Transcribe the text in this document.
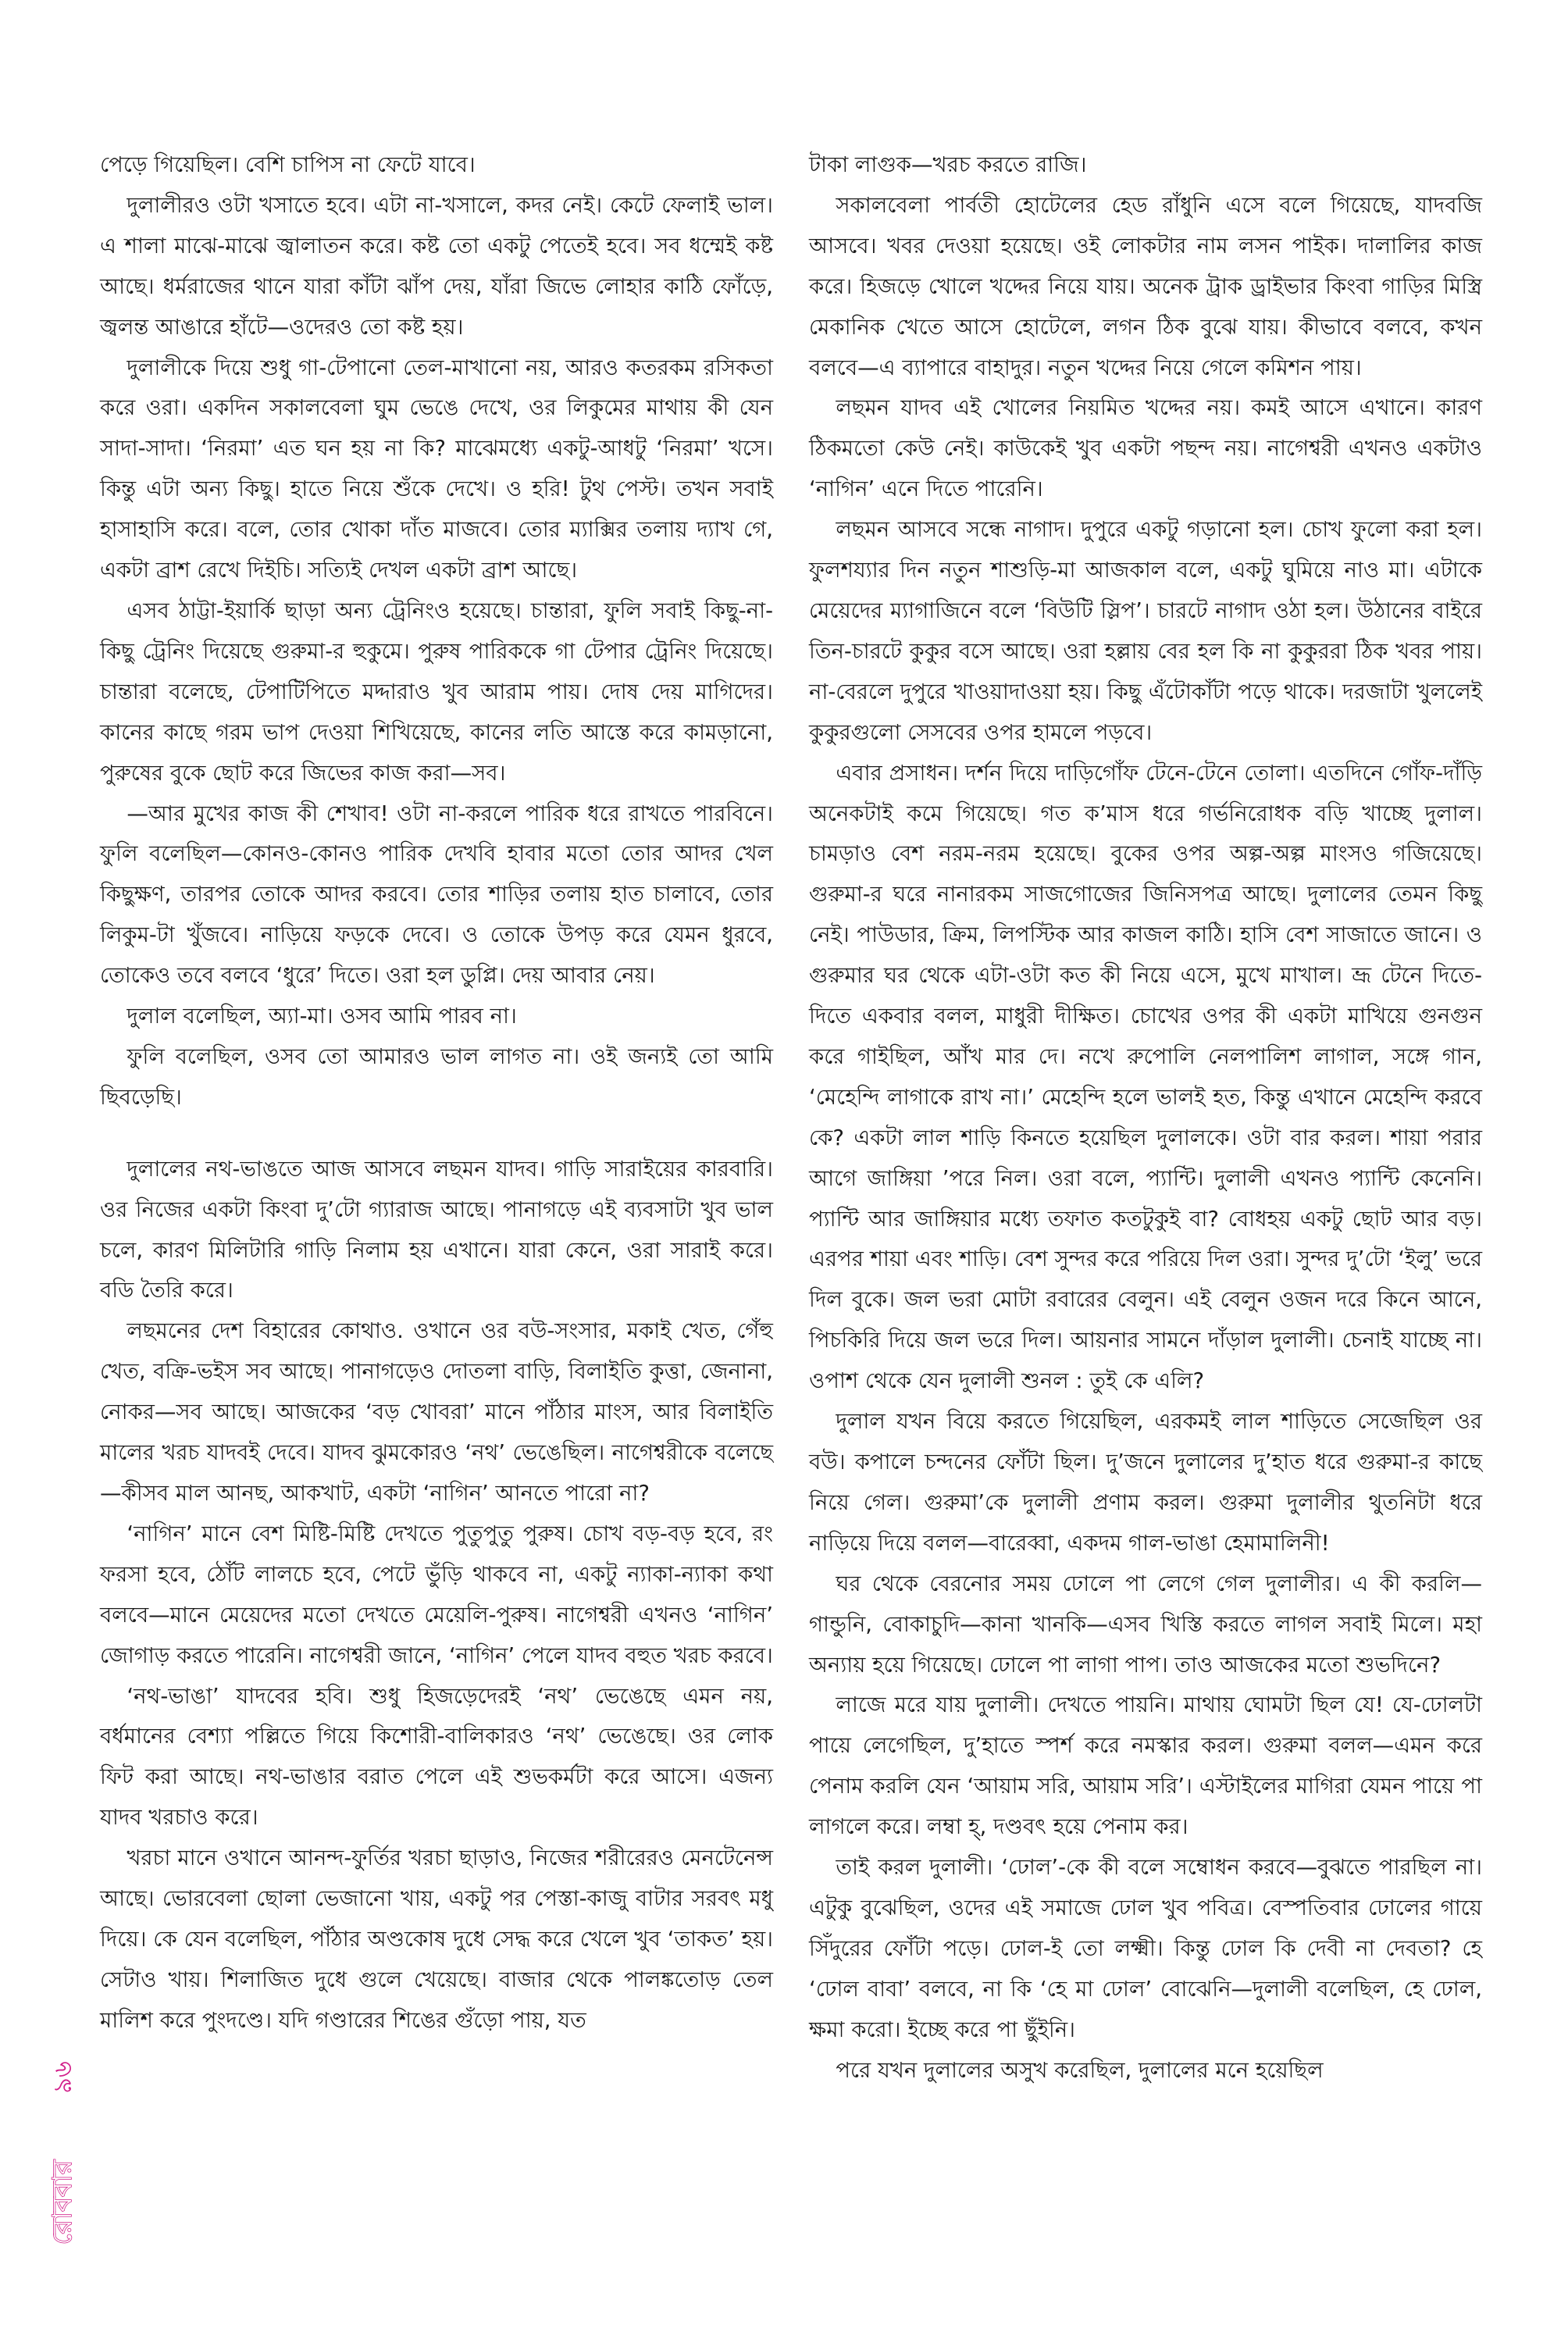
পেড়ে গিয়েছিল। বেশি চাপিস না ফেটে যাবে।

দুলালীরও ওটা খসাতে হবে। এটা না-খসালে, কদর নেই। কেটে ফেলাই ভাল। এ শালা মাঝে-মাঝে জ্বালাতন করে। কষ্ট তো একটু পেতেই হবে। সব ধম্মেই কষ্ট আছে। ধর্মরাজের থানে যারা কাঁটা ঝাঁপ দেয়, যাঁরা জিভে লোহার কাঠি ফোঁড়ে, জ্বলন্ত আঙারে হাঁটে—ওদেরও তো কষ্ট হয়।

দুলালীকে দিয়ে শুধু গা-টেপানো তেল-মাখানো নয়, আরও কতরকম রসিকতা করে ওরা। একদিন সকালবেলা ঘুম ভেঙে দেখে, ওর লিকুমের মাথায় কী যেন সাদা-সাদা। ‘নিরমা’ এত ঘন হয় না কি? মাঝেমধ্যে একটু-আধটু ‘নিরমা’ খসে। কিন্তু এটা অন্য কিছু। হাতে নিয়ে শুঁকে দেখে। ও হরি! টুথ পেস্ট। তখন সবাই হাসাহাসি করে। বলে, তোর খোকা দাঁত মাজবে। তোর ম্যাক্সির তলায় দ্যাখ গে, একটা ব্রাশ রেখে দিইচি। সত্যিই দেখল একটা ব্রাশ আছে।

এসব ঠাট্টা-ইয়ার্কি ছাড়া অন্য ট্রেনিংও হয়েছে। চান্তারা, ফুলি সবাই কিছু-না-কিছু ট্রেনিং দিয়েছে গুরুমা-র হুকুমে। পুরুষ পারিককে গা টেপার ট্রেনিং দিয়েছে। চান্তারা বলেছে, টেপাটিপিতে মদ্দারাও খুব আরাম পায়। দোষ দেয় মাগিদের। কানের কাছে গরম ভাপ দেওয়া শিখিয়েছে, কানের লতি আস্তে করে কামড়ানো, পুরুষের বুকে ছোট করে জিভের কাজ করা—সব।

—আর মুখের কাজ কী শেখাব! ওটা না-করলে পারিক ধরে রাখতে পারবিনে। ফুলি বলেছিল—কোনও-কোনও পারিক দেখবি হাবার মতো তোর আদর খেল কিছুক্ষণ, তারপর তোকে আদর করবে। তোর শাড়ির তলায় হাত চালাবে, তোর লিকুম-টা খুঁজবে। নাড়িয়ে ফড়কে দেবে। ও তোকে উপড় করে যেমন ধুরবে, তোকেও তবে বলবে ‘ধুরে’ দিতে। ওরা হল ডুপ্লি। দেয় আবার নেয়।

দুলাল বলেছিল, অ্যা-মা। ওসব আমি পারব না।

ফুলি বলেছিল, ওসব তো আমারও ভাল লাগত না। ওই জন্যই তো আমি ছিবড়েছি।

দুলালের নথ-ভাঙতে আজ আসবে লছমন যাদব। গাড়ি সারাইয়ের কারবারি। ওর নিজের একটা কিংবা দু’টো গ্যারাজ আছে। পানাগড়ে এই ব্যবসাটা খুব ভাল চলে, কারণ মিলিটারি গাড়ি নিলাম হয় এখানে। যারা কেনে, ওরা সারাই করে। বডি তৈরি করে।

লছমনের দেশ বিহারের কোথাও. ওখানে ওর বউ-সংসার, মকাই খেত, গেঁহু খেত, বক্রি-ভইস সব আছে। পানাগড়েও দোতলা বাড়ি, বিলাইতি কুত্তা, জেনানা, নোকর—সব আছে। আজকের ‘বড় খোবরা’ মানে পাঁঠার মাংস, আর বিলাইতি মালের খরচ যাদবই দেবে। যাদব ঝুমকোরও ‘নথ’ ভেঙেছিল। নাগেশ্বরীকে বলেছে—কীসব মাল আনছ, আকখাট, একটা ‘নাগিন’ আনতে পারো না?

‘নাগিন’ মানে বেশ মিষ্টি-মিষ্টি দেখতে পুতুপুতু পুরুষ। চোখ বড়-বড় হবে, রং ফরসা হবে, ঠোঁট লালচে হবে, পেটে ভুঁড়ি থাকবে না, একটু ন্যাকা-ন্যাকা কথা বলবে—মানে মেয়েদের মতো দেখতে মেয়েলি-পুরুষ। নাগেশ্বরী এখনও ‘নাগিন’ জোগাড় করতে পারেনি। নাগেশ্বরী জানে, ‘নাগিন’ পেলে যাদব বহুত খরচ করবে।

‘নথ-ভাঙা’ যাদবের হবি। শুধু হিজড়েদেরই ‘নথ’ ভেঙেছে এমন নয়, বর্ধমানের বেশ্যা পল্লিতে গিয়ে কিশোরী-বালিকারও ‘নথ’ ভেঙেছে। ওর লোক ফিট করা আছে। নথ-ভাঙার বরাত পেলে এই শুভকর্মটা করে আসে। এজন্য যাদব খরচাও করে।

খরচা মানে ওখানে আনন্দ-ফুর্তির খরচা ছাড়াও, নিজের শরীরেরও মেনটেনেন্স আছে। ভোরবেলা ছোলা ভেজানো খায়, একটু পর পেস্তা-কাজু বাটার সরবৎ মধু দিয়ে। কে যেন বলেছিল, পাঁঠার অণ্ডকোষ দুধে সেদ্ধ করে খেলে খুব ‘তাকত’ হয়। সেটাও খায়। শিলাজিত দুধে গুলে খেয়েছে। বাজার থেকে পালঙ্কতোড় তেল মালিশ করে পুংদণ্ডে। যদি গণ্ডারের শিঙের গুঁড়ো পায়, যত

টাকা লাগুক—খরচ করতে রাজি।

সকালবেলা পার্বতী হোটেলের হেড রাঁধুনি এসে বলে গিয়েছে, যাদবজি আসবে। খবর দেওয়া হয়েছে। ওই লোকটার নাম লসন পাইক। দালালির কাজ করে। হিজড়ে খোলে খদ্দের নিয়ে যায়। অনেক ট্রাক ড্রাইভার কিংবা গাড়ির মিস্ত্রি মেকানিক খেতে আসে হোটেলে, লগন ঠিক বুঝে যায়। কীভাবে বলবে, কখন বলবে—এ ব্যাপারে বাহাদুর। নতুন খদ্দের নিয়ে গেলে কমিশন পায়।

লছমন যাদব এই খোলের নিয়মিত খদ্দের নয়। কমই আসে এখানে। কারণ ঠিকমতো কেউ নেই। কাউকেই খুব একটা পছন্দ নয়। নাগেশ্বরী এখনও একটাও ‘নাগিন’ এনে দিতে পারেনি।

লছমন আসবে সন্ধে নাগাদ। দুপুরে একটু গড়ানো হল। চোখ ফুলো করা হল। ফুলশয্যার দিন নতুন শাশুড়ি-মা আজকাল বলে, একটু ঘুমিয়ে নাও মা। এটাকে মেয়েদের ম্যাগাজিনে বলে ‘বিউটি স্লিপ’। চারটে নাগাদ ওঠা হল। উঠানের বাইরে তিন-চারটে কুকুর বসে আছে। ওরা হল্লায় বের হল কি না কুকুররা ঠিক খবর পায়। না-বেরলে দুপুরে খাওয়াদাওয়া হয়। কিছু এঁটোকাঁটা পড়ে থাকে। দরজাটা খুললেই কুকুরগুলো সেসবের ওপর হামলে পড়বে।

এবার প্রসাধন। দর্শন দিয়ে দাড়িগোঁফ টেনে-টেনে তোলা। এতদিনে গোঁফ-দাঁড়ি অনেকটাই কমে গিয়েছে। গত ক’মাস ধরে গর্ভনিরোধক বড়ি খাচ্ছে দুলাল। চামড়াও বেশ নরম-নরম হয়েছে। বুকের ওপর অল্প-অল্প মাংসও গজিয়েছে। গুরুমা-র ঘরে নানারকম সাজগোজের জিনিসপত্র আছে। দুলালের তেমন কিছু নেই। পাউডার, ক্রিম, লিপস্টিক আর কাজল কাঠি। হাসি বেশ সাজাতে জানে। ও গুরুমার ঘর থেকে এটা-ওটা কত কী নিয়ে এসে, মুখে মাখাল। ভ্রূ টেনে দিতে-দিতে একবার বলল, মাধুরী দীক্ষিত। চোখের ওপর কী একটা মাখিয়ে গুনগুন করে গাইছিল, আঁখ মার দে। নখে রুপোলি নেলপালিশ লাগাল, সঙ্গে গান, ‘মেহেন্দি লাগাকে রাখ না।’ মেহেন্দি হলে ভালই হত, কিন্তু এখানে মেহেন্দি করবে কে? একটা লাল শাড়ি কিনতে হয়েছিল দুলালকে। ওটা বার করল। শায়া পরার আগে জাঙ্গিয়া ’পরে নিল। ওরা বলে, প্যান্টি। দুলালী এখনও প্যান্টি কেনেনি। প্যান্টি আর জাঙ্গিয়ার মধ্যে তফাত কতটুকুই বা? বোধহয় একটু ছোট আর বড়। এরপর শায়া এবং শাড়ি। বেশ সুন্দর করে পরিয়ে দিল ওরা। সুন্দর দু’টো ‘ইলু’ ভরে দিল বুকে। জল ভরা মোটা রবারের বেলুন। এই বেলুন ওজন দরে কিনে আনে, পিচকিরি দিয়ে জল ভরে দিল। আয়নার সামনে দাঁড়াল দুলালী। চেনাই যাচ্ছে না। ওপাশ থেকে যেন দুলালী শুনল : তুই কে এলি?

দুলাল যখন বিয়ে করতে গিয়েছিল, এরকমই লাল শাড়িতে সেজেছিল ওর বউ। কপালে চন্দনের ফোঁটা ছিল। দু’জনে দুলালের দু’হাত ধরে গুরুমা-র কাছে নিয়ে গেল। গুরুমা’কে দুলালী প্রণাম করল। গুরুমা দুলালীর থুতনিটা ধরে নাড়িয়ে দিয়ে বলল—বারেব্বা, একদম গাল-ভাঙা হেমামালিনী!

ঘর থেকে বেরনোর সময় ঢোলে পা লেগে গেল দুলালীর। এ কী করলি—গান্ডুনি, বোকাচুদি—কানা খানকি—এসব খিস্তি করতে লাগল সবাই মিলে। মহা অন্যায় হয়ে গিয়েছে। ঢোলে পা লাগা পাপ। তাও আজকের মতো শুভদিনে?

লাজে মরে যায় দুলালী। দেখতে পায়নি। মাথায় ঘোমটা ছিল যে! যে-ঢোলটা পায়ে লেগেছিল, দু’হাতে স্পর্শ করে নমস্কার করল। গুরুমা বলল—এমন করে পেনাম করলি যেন ‘আয়াম সরি, আয়াম সরি’। এস্টাইলের মাগিরা যেমন পায়ে পা লাগলে করে। লম্বা হ্, দণ্ডবৎ হয়ে পেনাম কর।

তাই করল দুলালী। ‘ঢোল’-কে কী বলে সম্বোধন করবে—বুঝতে পারছিল না। এটুকু বুঝেছিল, ওদের এই সমাজে ঢোল খুব পবিত্র। বেস্পতিবার ঢোলের গায়ে সিঁদুরের ফোঁটা পড়ে। ঢোল-ই তো লক্ষ্মী। কিন্তু ঢোল কি দেবী না দেবতা? হে ‘ঢোল বাবা’ বলবে, না কি ‘হে মা ঢোল’ বোঝেনি—দুলালী বলেছিল, হে ঢোল, ক্ষমা করো। ইচ্ছে করে পা ছুঁইনি।

পরে যখন দুলালের অসুখ করেছিল, দুলালের মনে হয়েছিল

৯৬
রোববার
